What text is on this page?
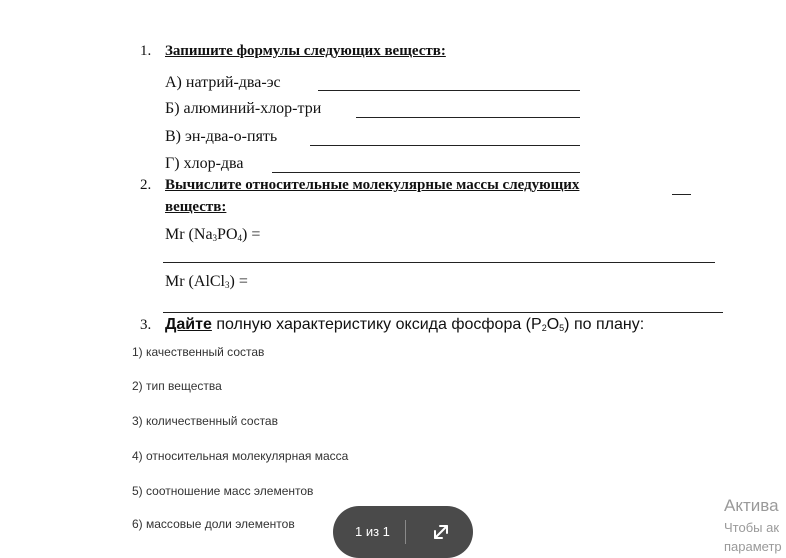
1. Запишите формулы следующих веществ:
А) натрий-два-эс
Б) алюминий-хлор-три
В) эн-два-о-пять
Г) хлор-два
2. Вычислите относительные молекулярные массы следующих
веществ:
Mr $(Na_3PO_4)$ =
Mr (AlCl$_3$) =
3. Дайте полную характеристику оксида фосфора $(P_2O_5)$ по плану:
1) качественный состав
2) тип вещества
3) количественный состав
4) относительная молекулярная масса
5) соотношение масс элементов
6) массовые доли элементов
Актива
Чтобы ак
параметр
1 из 1
